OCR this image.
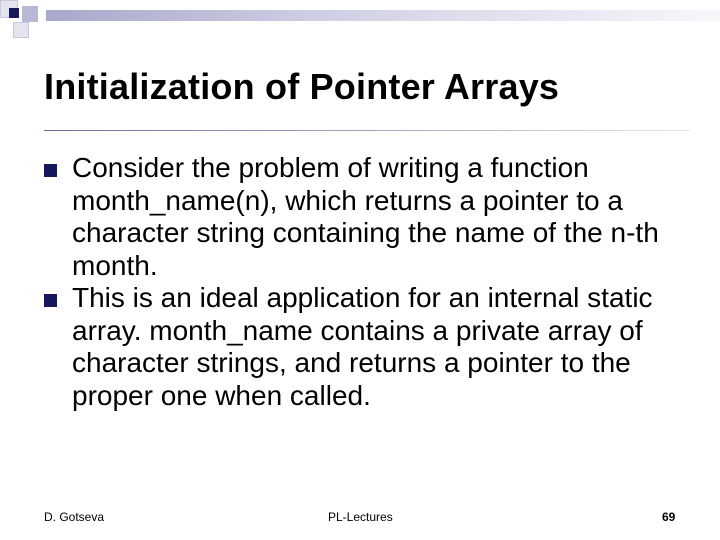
Initialization of Pointer Arrays
Consider the problem of writing a function month_name(n), which returns a pointer to a character string containing the name of the n-th month.
This is an ideal application for an internal static array. month_name contains a private array of character strings, and returns a pointer to the proper one when called.
D. Gotseva	PL-Lectures	69
